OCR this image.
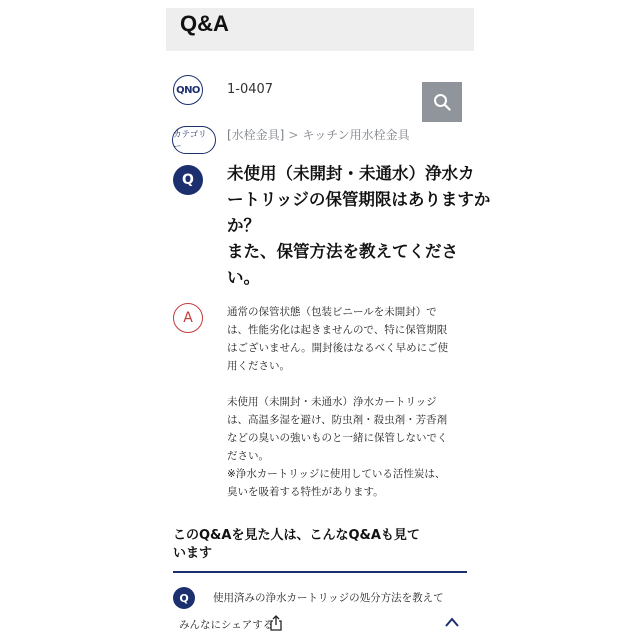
Q&A
QNO 1-0407
カテゴリー
[水栓金具] > キッチン用水栓金具
Q	未使用（未開封・未通水）浄水カ
ートリッジの保管期限はありますか
か？
また、保管方法を教えてくださ
い。
A	通常の保管状態（包装ビニールを未開封）で
は、性能劣化は起きませんので、特に保管期限
はございません。開封後はなるべく早めにご使
用ください。
未使用（未開封・未通水）浄水カートリッジ
は、高温多湿を避け、防虫剤・殺虫剤・芳香剤
などの臭いの強いものと一緒に保管しないでく
ださい。
※浄水カートリッジに使用している活性炭は、
臭いを吸着する特性があります。
このQ&Aを見た人は、こんなQ&Aも見て
います
Q	使用済みの浄水カートリッジの処分方法を教えて
みんなにシェアする
